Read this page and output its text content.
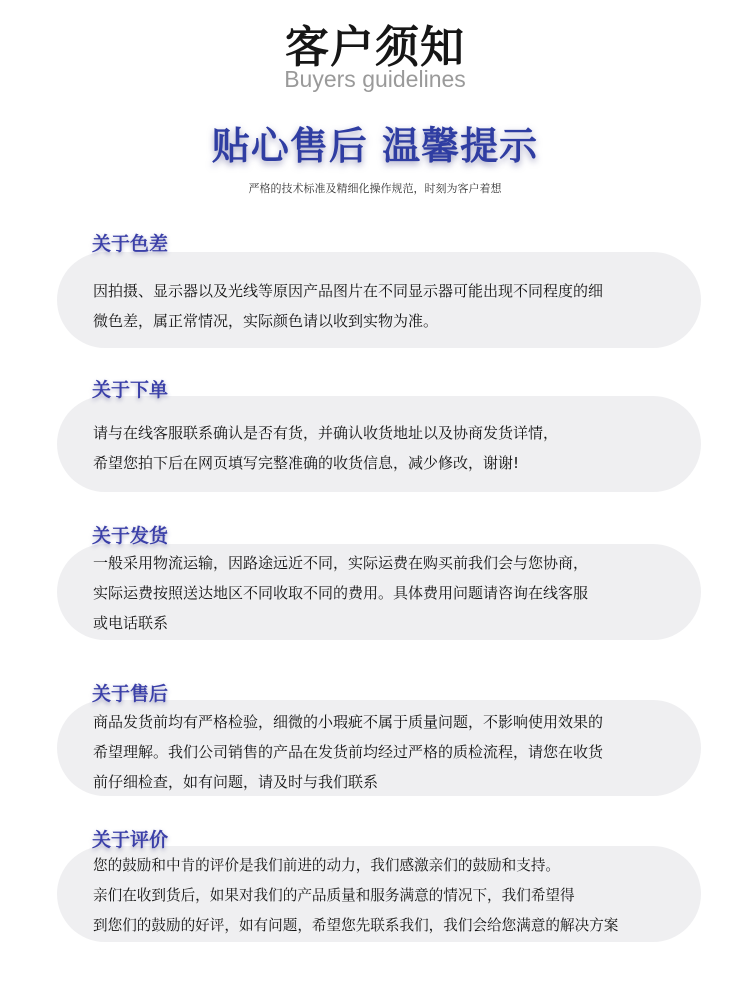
客户须知
Buyers guidelines
贴心售后 温馨提示
严格的技术标准及精细化操作规范，时刻为客户着想
关于色差
因拍摄、显示器以及光线等原因产品图片在不同显示器可能出现不同程度的细
微色差，属正常情况，实际颜色请以收到实物为准。
关于下单
请与在线客服联系确认是否有货，并确认收货地址以及协商发货详情，
希望您拍下后在网页填写完整准确的收货信息，减少修改，谢谢!
关于发货
一般采用物流运输，因路途远近不同，实际运费在购买前我们会与您协商，
实际运费按照送达地区不同收取不同的费用。具体费用问题请咨询在线客服
或电话联系
关于售后
商品发货前均有严格检验，细微的小瑕疵不属于质量问题，不影响使用效果的
希望理解。我们公司销售的产品在发货前均经过严格的质检流程，请您在收货
前仔细检查，如有问题，请及时与我们联系
关于评价
您的鼓励和中肯的评价是我们前进的动力，我们感激亲们的鼓励和支持。
亲们在收到货后，如果对我们的产品质量和服务满意的情况下，我们希望得
到您们的鼓励的好评，如有问题，希望您先联系我们，我们会给您满意的解决方案
